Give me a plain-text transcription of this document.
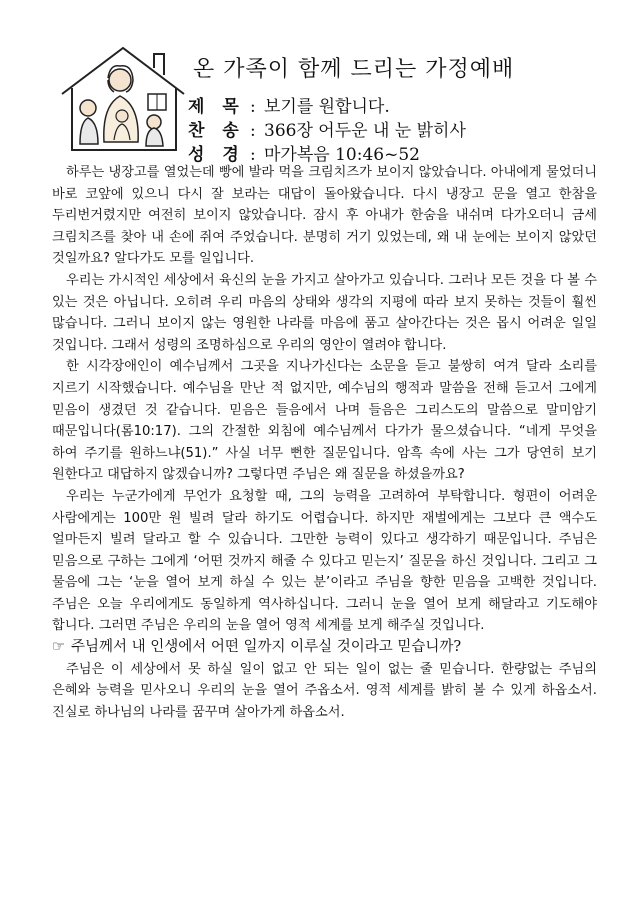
온 가족이 함께 드리는 가정예배
제 목 : 보기를 원합니다.
찬 송 : 366장 어두운 내 눈 밝히사
성 경 : 마가복음 10:46~52

하루는 냉장고를 열었는데 빵에 발라 먹을 크림치즈가 보이지 않았습니다. 아내에게 물었더니 바로 코앞에 있으니 다시 잘 보라는 대답이 돌아왔습니다. 다시 냉장고 문을 열고 한참을 두리번거렸지만 여전히 보이지 않았습니다. 잠시 후 아내가 한숨을 내쉬며 다가오더니 금세 크림치즈를 찾아 내 손에 쥐여 주었습니다. 분명히 거기 있었는데, 왜 내 눈에는 보이지 않았던 것일까요? 알다가도 모를 일입니다.

우리는 가시적인 세상에서 육신의 눈을 가지고 살아가고 있습니다. 그러나 모든 것을 다 볼 수 있는 것은 아닙니다. 오히려 우리 마음의 상태와 생각의 지평에 따라 보지 못하는 것들이 훨씬 많습니다. 그러니 보이지 않는 영원한 나라를 마음에 품고 살아간다는 것은 몹시 어려운 일일 것입니다. 그래서 성령의 조명하심으로 우리의 영안이 열려야 합니다.

한 시각장애인이 예수님께서 그곳을 지나가신다는 소문을 듣고 불쌍히 여겨 달라 소리를 지르기 시작했습니다. 예수님을 만난 적 없지만, 예수님의 행적과 말씀을 전해 듣고서 그에게 믿음이 생겼던 것 같습니다. 믿음은 들음에서 나며 들음은 그리스도의 말씀으로 말미암기 때문입니다(롬10:17). 그의 간절한 외침에 예수님께서 다가가 물으셨습니다. “네게 무엇을 하여 주기를 원하느냐(51).” 사실 너무 뻔한 질문입니다. 암흑 속에 사는 그가 당연히 보기 원한다고 대답하지 않겠습니까? 그렇다면 주님은 왜 질문을 하셨을까요?

우리는 누군가에게 무언가 요청할 때, 그의 능력을 고려하여 부탁합니다. 형편이 어려운 사람에게는 100만 원 빌려 달라 하기도 어렵습니다. 하지만 재벌에게는 그보다 큰 액수도 얼마든지 빌려 달라고 할 수 있습니다. 그만한 능력이 있다고 생각하기 때문입니다. 주님은 믿음으로 구하는 그에게 ‘어떤 것까지 해줄 수 있다고 믿는지’ 질문을 하신 것입니다. 그리고 그 물음에 그는 ‘눈을 열어 보게 하실 수 있는 분’이라고 주님을 향한 믿음을 고백한 것입니다. 주님은 오늘 우리에게도 동일하게 역사하십니다. 그러니 눈을 열어 보게 해달라고 기도해야 합니다. 그러면 주님은 우리의 눈을 열어 영적 세계를 보게 해주실 것입니다.

☞ 주님께서 내 인생에서 어떤 일까지 이루실 것이라고 믿습니까?

주님은 이 세상에서 못 하실 일이 없고 안 되는 일이 없는 줄 믿습니다. 한량없는 주님의 은혜와 능력을 믿사오니 우리의 눈을 열어 주옵소서. 영적 세계를 밝히 볼 수 있게 하옵소서. 진실로 하나님의 나라를 꿈꾸며 살아가게 하옵소서.
